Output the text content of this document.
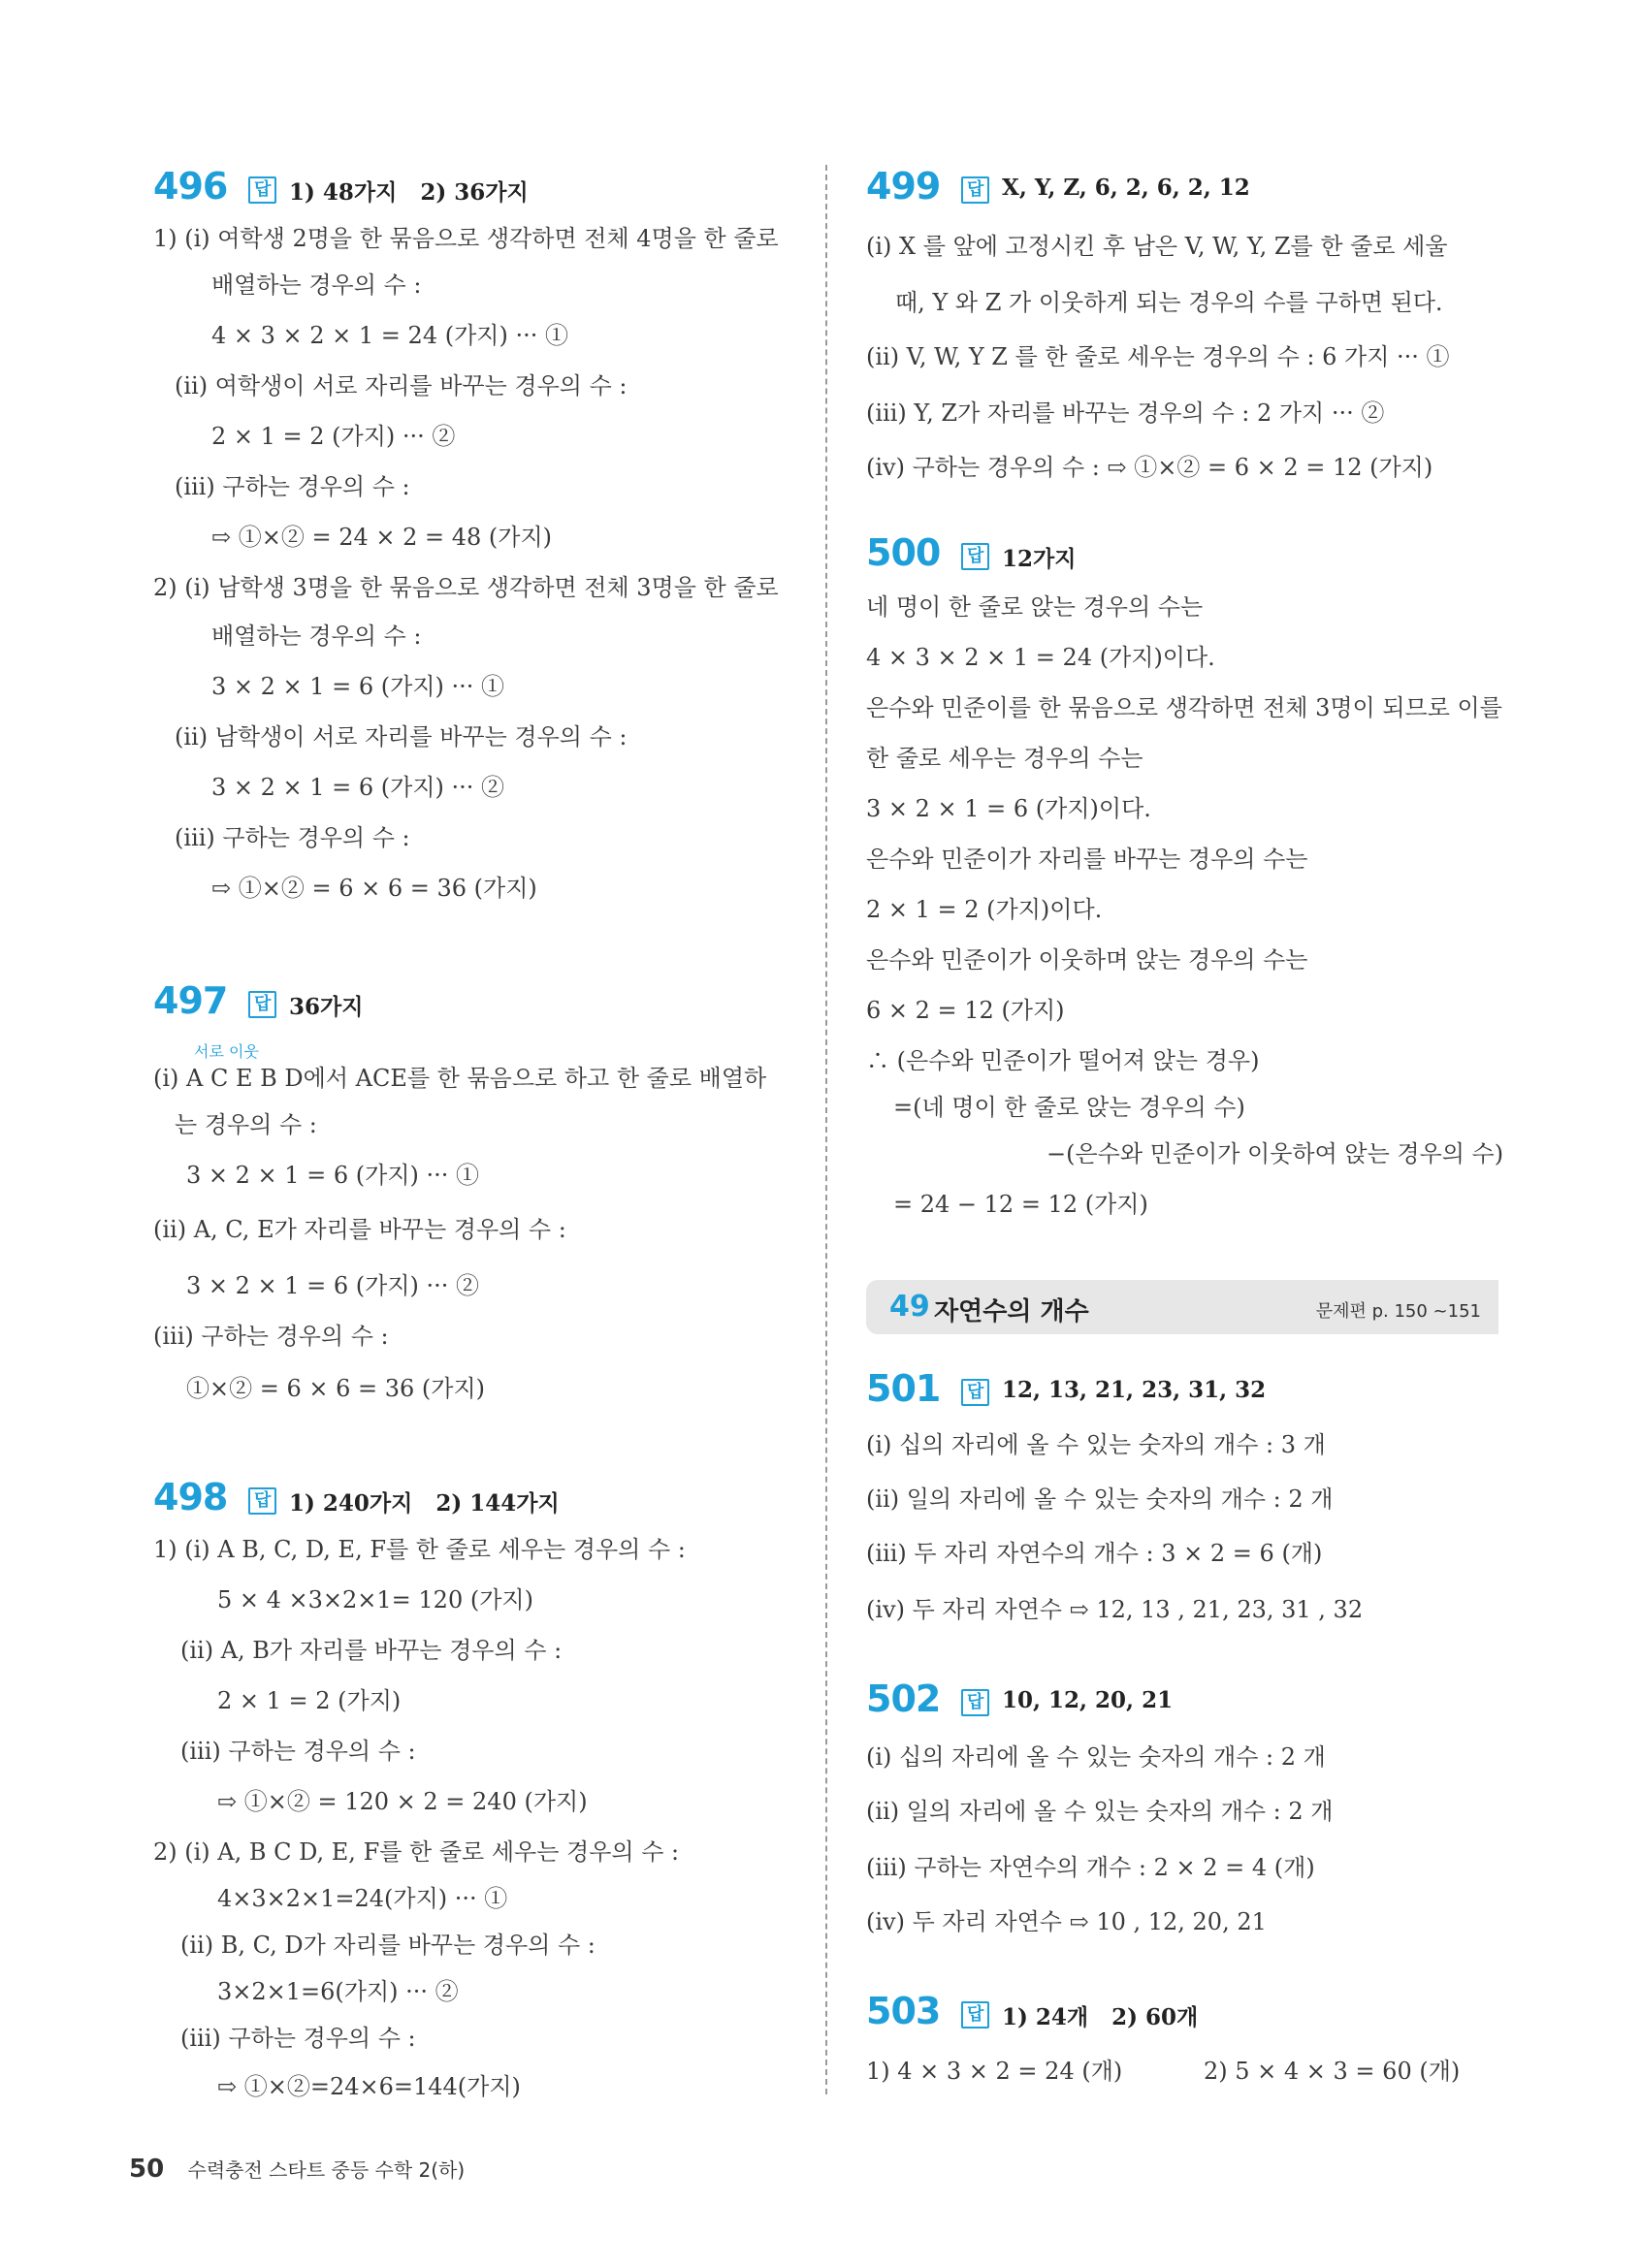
496	답 1) 48가지 2) 36가지
1) (ⅰ) 여학생 2명을 한 묶음으로 생각하면 전체 4명을 한 줄로
배열하는 경우의 수 :
4 × 3 × 2 × 1 = 24 (가지) ··· ①
(ⅱ) 여학생이 서로 자리를 바꾸는 경우의 수 :
2 × 1 = 2 (가지) ··· ②
(ⅲ) 구하는 경우의 수 :
⇨ ①×② = 24 × 2 = 48 (가지)
2) (ⅰ) 남학생 3명을 한 묶음으로 생각하면 전체 3명을 한 줄로
배열하는 경우의 수 :
3 × 2 × 1 = 6 (가지) ··· ①
(ⅱ) 남학생이 서로 자리를 바꾸는 경우의 수 :
3 × 2 × 1 = 6 (가지) ··· ②
(ⅲ) 구하는 경우의 수 :
⇨ ①×② = 6 × 6 = 36 (가지)
497	답 36가지
서로 이웃
(ⅰ) A C E B D에서 ACE를 한 묶음으로 하고 한 줄로 배열하
는 경우의 수 :
3 × 2 × 1 = 6 (가지) ··· ①
(ⅱ) A, C, E가 자리를 바꾸는 경우의 수 :
3 × 2 × 1 = 6 (가지) ··· ②
(ⅲ) 구하는 경우의 수 :
①×② = 6 × 6 = 36 (가지)
498	답 1) 240가지 2) 144가지
1) (ⅰ) A B, C, D, E, F를 한 줄로 세우는 경우의 수 :
5 × 4 ×3×2×1= 120 (가지)
(ⅱ) A, B가 자리를 바꾸는 경우의 수 :
2 × 1 = 2 (가지)
(ⅲ) 구하는 경우의 수 :
⇨ ①×② = 120 × 2 = 240 (가지)
2) (ⅰ) A, B C D, E, F를 한 줄로 세우는 경우의 수 :
4×3×2×1=24(가지) ··· ①
(ⅱ) B, C, D가 자리를 바꾸는 경우의 수 :
3×2×1=6(가지) ··· ②
(ⅲ) 구하는 경우의 수 :
⇨ ①×②=24×6=144(가지)
499	답 X, Y, Z, 6, 2, 6, 2, 12
(ⅰ) X 를 앞에 고정시킨 후 남은 V, W, Y, Z를 한 줄로 세울
때, Y 와 Z 가 이웃하게 되는 경우의 수를 구하면 된다.
(ⅱ) V, W, Y Z 를 한 줄로 세우는 경우의 수 : 6 가지 ··· ①
(ⅲ) Y, Z가 자리를 바꾸는 경우의 수 : 2 가지 ··· ②
(ⅳ) 구하는 경우의 수 : ⇨ ①×② = 6 × 2 = 12 (가지)
500	답 12가지
네 명이 한 줄로 앉는 경우의 수는
4 × 3 × 2 × 1 = 24 (가지)이다.
은수와 민준이를 한 묶음으로 생각하면 전체 3명이 되므로 이를
한 줄로 세우는 경우의 수는
3 × 2 × 1 = 6 (가지)이다.
은수와 민준이가 자리를 바꾸는 경우의 수는
2 × 1 = 2 (가지)이다.
은수와 민준이가 이웃하며 앉는 경우의 수는
6 × 2 = 12 (가지)
∴ (은수와 민준이가 떨어져 앉는 경우)
=(네 명이 한 줄로 앉는 경우의 수)
−(은수와 민준이가 이웃하여 앉는 경우의 수)
= 24 − 12 = 12 (가지)
49 자연수의 개수	문제편 p. 150 ~151
501	답 12, 13, 21, 23, 31, 32
(ⅰ) 십의 자리에 올 수 있는 숫자의 개수 : 3 개
(ⅱ) 일의 자리에 올 수 있는 숫자의 개수 : 2 개
(ⅲ) 두 자리 자연수의 개수 : 3 × 2 = 6 (개)
(ⅳ) 두 자리 자연수 ⇨ 12, 13 , 21, 23, 31 , 32
502	답 10, 12, 20, 21
(ⅰ) 십의 자리에 올 수 있는 숫자의 개수 : 2 개
(ⅱ) 일의 자리에 올 수 있는 숫자의 개수 : 2 개
(ⅲ) 구하는 자연수의 개수 : 2 × 2 = 4 (개)
(ⅳ) 두 자리 자연수 ⇨ 10 , 12, 20, 21
503	답 1) 24개 2) 60개
1) 4 × 3 × 2 = 24 (개)	2) 5 × 4 × 3 = 60 (개)
50 수력충전 스타트 중등 수학 2(하)
